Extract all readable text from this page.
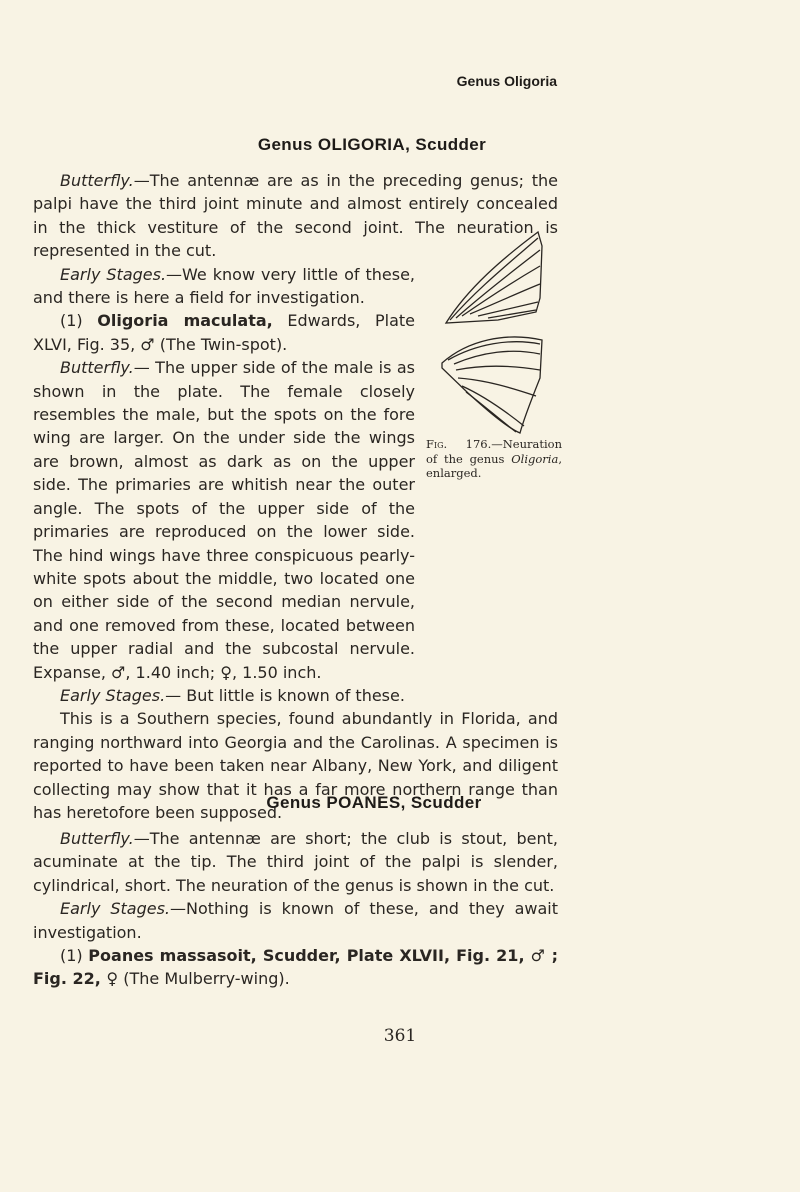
Genus Oligoria
Genus OLIGORIA, Scudder

Butterfly.—The antennæ are as in the preceding genus; the palpi have the third joint minute and almost entirely concealed in the thick vestiture of the second joint. The neuration is represented in the cut.

Early Stages.—We know very little of these, and there is here a field for investigation.

(1) Oligoria maculata, Edwards, Plate XLVI, Fig. 35, ♂ (The Twin-spot).

Butterfly.— The upper side of the male is as shown in the plate. The female closely resembles the male, but the spots on the fore wing are larger. On the under side the wings are brown, almost as dark as on the upper side. The primaries are whitish near the outer angle. The spots of the upper side of the primaries are reproduced on the lower side. The hind wings have three conspicuous pearly-white spots about the middle, two located one on either side of the second median nervule, and one removed from these, located between the upper radial and the subcostal nervule. Expanse, ♂, 1.40 inch; ♀, 1.50 inch.

Early Stages.— But little is known of these.

This is a Southern species, found abundantly in Florida, and ranging northward into Georgia and the Carolinas. A specimen is reported to have been taken near Albany, New York, and diligent collecting may show that it has a far more northern range than has heretofore been supposed.

Fig. 176.—Neuration of the genus Oligoria, enlarged.
Genus POANES, Scudder

Butterfly.—The antennæ are short; the club is stout, bent, acuminate at the tip. The third joint of the palpi is slender, cylindrical, short. The neuration of the genus is shown in the cut.

Early Stages.—Nothing is known of these, and they await investigation.

(1) Poanes massasoit, Scudder, Plate XLVII, Fig. 21, ♂ ; Fig. 22, ♀ (The Mulberry-wing).

361
